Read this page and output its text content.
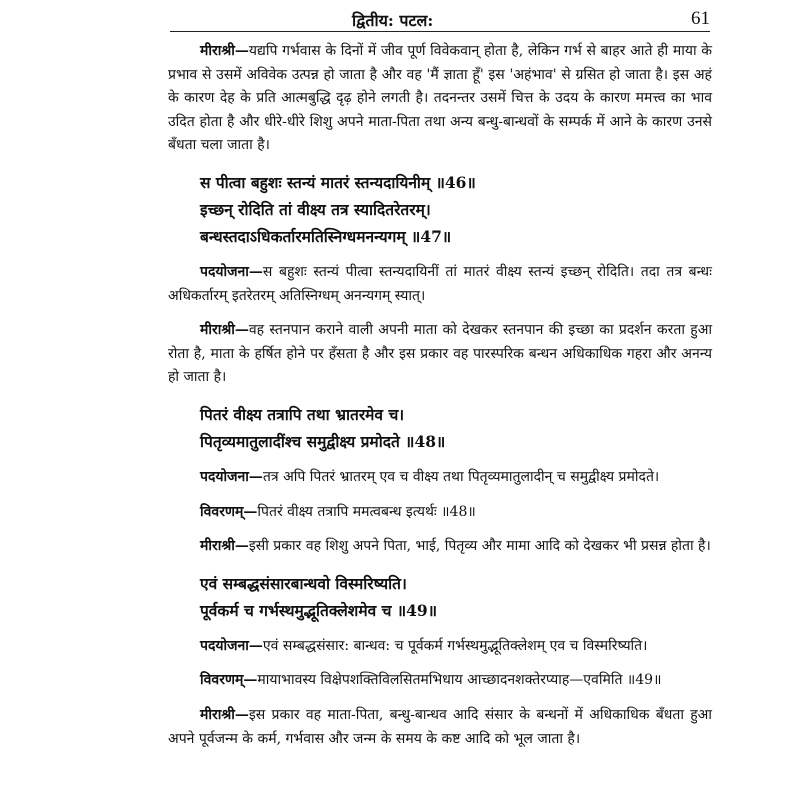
द्वितीय: पटल:	61

मीराश्री—यद्यपि गर्भवास के दिनों में जीव पूर्ण विवेकवान् होता है, लेकिन गर्भ से बाहर आते ही माया के प्रभाव से उसमें अविवेक उत्पन्न हो जाता है और वह 'मैं ज्ञाता हूँ' इस 'अहंभाव' से ग्रसित हो जाता है। इस अहं के कारण देह के प्रति आत्मबुद्धि दृढ़ होने लगती है। तदनन्तर उसमें चित्त के उदय के कारण ममत्त्व का भाव उदित होता है और धीरे-धीरे शिशु अपने माता-पिता तथा अन्य बन्धु-बान्धवों के सम्पर्क में आने के कारण उनसे बँधता चला जाता है।

स पीत्वा बहुशः स्तन्यं मातरं स्तन्यदायिनीम् ॥46॥
इच्छन् रोदिति तां वीक्ष्य तत्र स्यादितरेतरम्।
बन्धस्तदाऽधिकर्तारमतिस्निग्धमनन्यगम् ॥47॥

पदयोजना—स बहुशः स्तन्यं पीत्वा स्तन्यदायिनीं तां मातरं वीक्ष्य स्तन्यं इच्छन् रोदिति। तदा तत्र बन्धः अधिकर्तारम् इतरेतरम् अतिस्निग्धम् अनन्यगम् स्यात्।

मीराश्री—वह स्तनपान कराने वाली अपनी माता को देखकर स्तनपान की इच्छा का प्रदर्शन करता हुआ रोता है, माता के हर्षित होने पर हँसता है और इस प्रकार वह पारस्परिक बन्धन अधिकाधिक गहरा और अनन्य हो जाता है।

पितरं वीक्ष्य तत्रापि तथा भ्रातरमेव च।
पितृव्यमातुलादींश्च समुद्वीक्ष्य प्रमोदते ॥48॥

पदयोजना—तत्र अपि पितरं भ्रातरम् एव च वीक्ष्य तथा पितृव्यमातुलादीन् च समुद्वीक्ष्य प्रमोदते।

विवरणम्—पितरं वीक्ष्य तत्रापि ममत्वबन्ध इत्यर्थः ॥48॥

मीराश्री—इसी प्रकार वह शिशु अपने पिता, भाई, पितृव्य और मामा आदि को देखकर भी प्रसन्न होता है।

एवं सम्बद्धसंसारबान्धवो विस्मरिष्यति।
पूर्वकर्म च गर्भस्थमुद्भूतिक्लेशमेव च ॥49॥

पदयोजना—एवं सम्बद्धसंसार: बान्धव: च पूर्वकर्म गर्भस्थमुद्भूतिक्लेशम् एव च विस्मरिष्यति।

विवरणम्—मायाभावस्य विक्षेपशक्तिविलसितमभिधाय आच्छादनशक्तेरप्याह—एवमिति ॥49॥

मीराश्री—इस प्रकार वह माता-पिता, बन्धु-बान्धव आदि संसार के बन्धनों में अधिकाधिक बँधता हुआ अपने पूर्वजन्म के कर्म, गर्भवास और जन्म के समय के कष्ट आदि को भूल जाता है।
